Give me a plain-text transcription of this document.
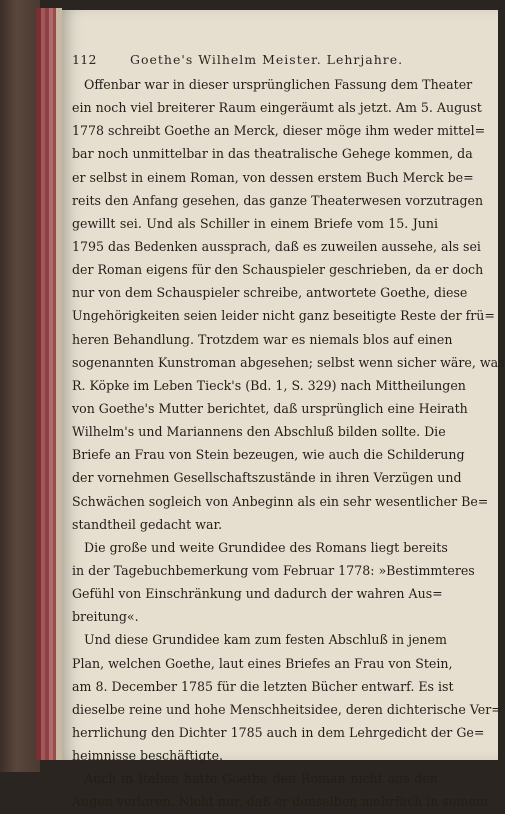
112	Goethe's Wilhelm Meister. Lehrjahre.
Offenbar war in dieser ursprünglichen Fassung dem Theater
ein noch viel breiterer Raum eingeräumt als jetzt. Am 5. August
1778 schreibt Goethe an Merck, dieser möge ihm weder mittel=
bar noch unmittelbar in das theatralische Gehege kommen, da
er selbst in einem Roman, von dessen erstem Buch Merck be=
reits den Anfang gesehen, das ganze Theaterwesen vorzutragen
gewillt sei. Und als Schiller in einem Briefe vom 15. Juni
1795 das Bedenken aussprach, daß es zuweilen aussehe, als sei
der Roman eigens für den Schauspieler geschrieben, da er doch
nur von dem Schauspieler schreibe, antwortete Goethe, diese
Ungehörigkeiten seien leider nicht ganz beseitigte Reste der frü=
heren Behandlung. Trotzdem war es niemals blos auf einen
sogenannten Kunstroman abgesehen; selbst wenn sicher wäre, was
R. Köpke im Leben Tieck's (Bd. 1, S. 329) nach Mittheilungen
von Goethe's Mutter berichtet, daß ursprünglich eine Heirath
Wilhelm's und Mariannens den Abschluß bilden sollte. Die
Briefe an Frau von Stein bezeugen, wie auch die Schilderung
der vornehmen Gesellschaftszustände in ihren Verzügen und
Schwächen sogleich von Anbeginn als ein sehr wesentlicher Be=
standtheil gedacht war.
Die große und weite Grundidee des Romans liegt bereits
in der Tagebuchbemerkung vom Februar 1778: »Bestimmteres
Gefühl von Einschränkung und dadurch der wahren Aus=
breitung«.
Und diese Grundidee kam zum festen Abschluß in jenem
Plan, welchen Goethe, laut eines Briefes an Frau von Stein,
am 8. December 1785 für die letzten Bücher entwarf. Es ist
dieselbe reine und hohe Menschheitsidee, deren dichterische Ver=
herrlichung den Dichter 1785 auch in dem Lehrgedicht der Ge=
heimnisse beschäftigte.
Auch in Italien hatte Goethe den Roman nicht aus den
Augen verloren. Nicht nur, daß er denselben mehrfach in seinem
